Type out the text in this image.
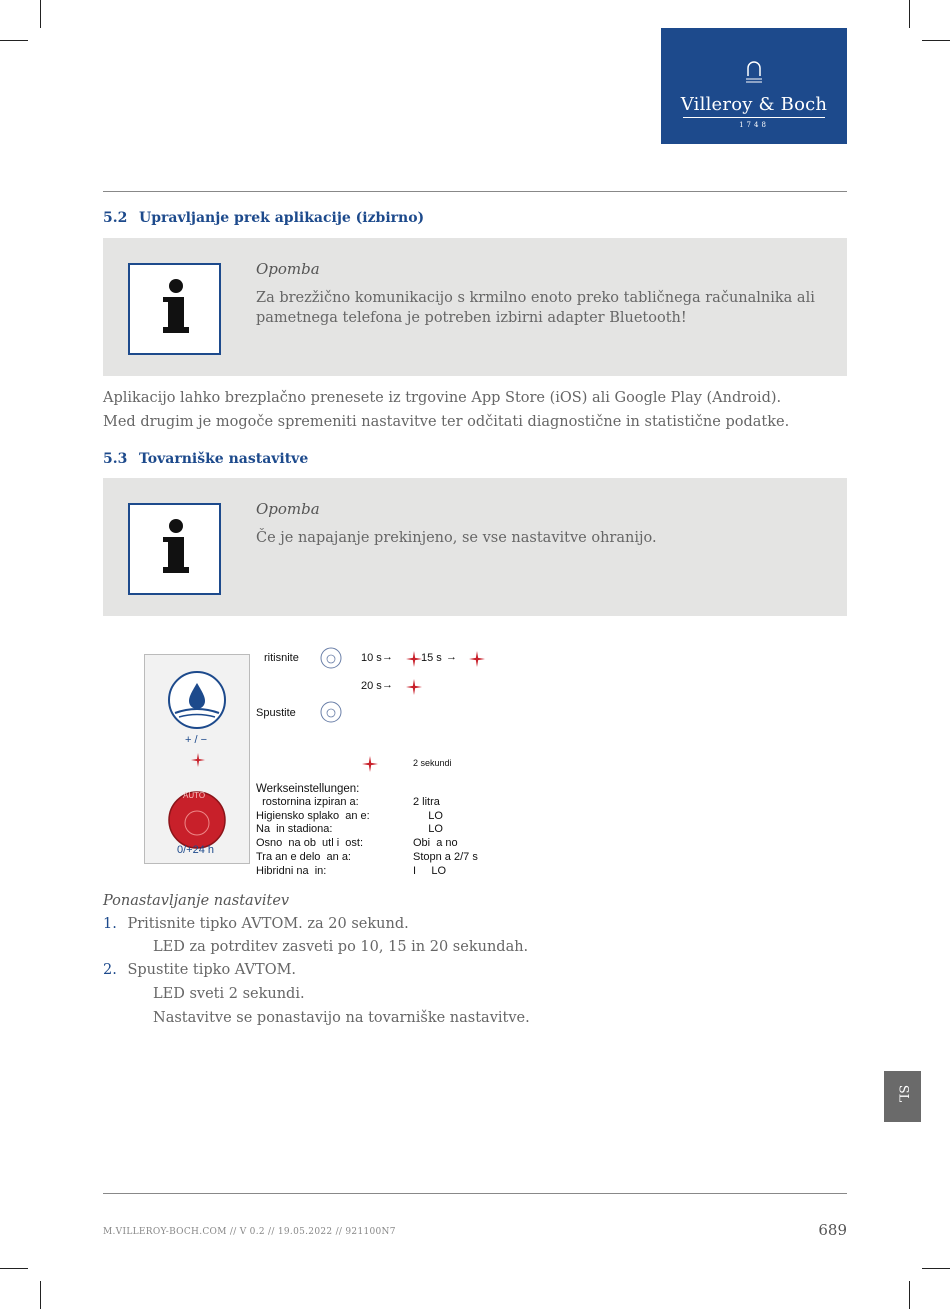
Villeroy & Boch
1748
5.2 Upravljanje prek aplikacije (izbirno)
Opomba
Za brezžično komunikacijo s krmilno enoto preko tabličnega računalnika ali pametnega telefona je potreben izbirni adapter Bluetooth!
Aplikacijo lahko brezplačno prenesete iz trgovine App Store (iOS) ali Google Play (Android).
Med drugim je mogoče spremeniti nastavitve ter odčitati diagnostične in statistične podatke.
5.3 Tovarniške nastavitve
Opomba
Če je napajanje prekinjeno, se vse nastavitve ohranijo.
+ / −
AUTO
0/+24 h
ritisnite	10 s →	15 s →
20 s →
Spustite
2 sekundi
Werkseinstellungen:
rostornina izpiran a:	2 litra
Higiensko splako  an e:	LO
Na  in stadiona:	LO
Osno  na ob  utl i  ost:	Obi  a no
Tra an e delo  an a:	Stopn a 2/7 s
Hibridni na  in:	I     LO
Ponastavljanje nastavitev
1. Pritisnite tipko AVTOM. za 20 sekund.
LED za potrditev zasveti po 10, 15 in 20 sekundah.
2. Spustite tipko AVTOM.
LED sveti 2 sekundi.
Nastavitve se ponastavijo na tovarniške nastavitve.
SL
M.VILLEROY-BOCH.COM // V 0.2 // 19.05.2022 // 921100N7	689
